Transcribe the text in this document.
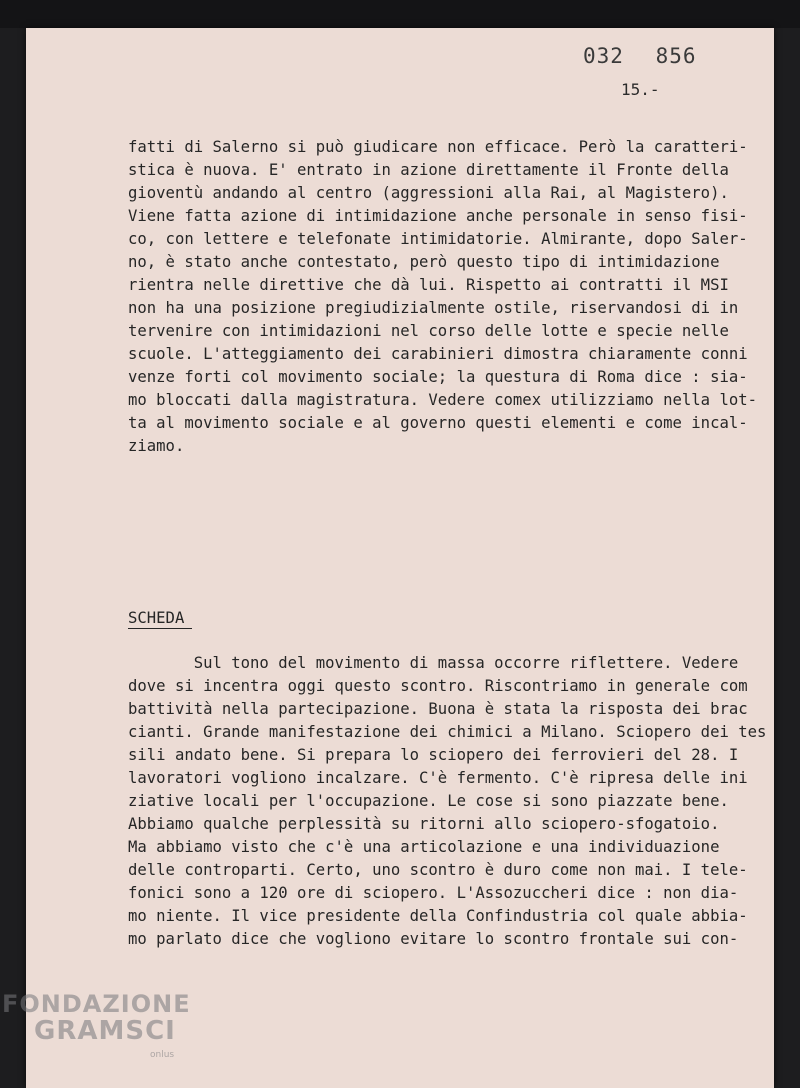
032 856
15.-
fatti di Salerno si può giudicare non efficace. Però la caratteri-
stica è nuova. E' entrato in azione direttamente il Fronte della
gioventù andando al centro (aggressioni alla Rai, al Magistero).
Viene fatta azione di intimidazione anche personale in senso fisi-
co, con lettere e telefonate intimidatorie. Almirante, dopo Saler-
no, è stato anche contestato, però questo tipo di intimidazione
rientra nelle direttive che dà lui. Rispetto ai contratti il MSI
non ha una posizione pregiudizialmente ostile, riservandosi di in
tervenire con intimidazioni nel corso delle lotte e specie nelle
scuole. L'atteggiamento dei carabinieri dimostra chiaramente conni
venze forti col movimento sociale; la questura di Roma dice : sia-
mo bloccati dalla magistratura. Vedere comex utilizziamo nella lot-
ta al movimento sociale e al governo questi elementi e come incal-
ziamo.
SCHEDA
Sul tono del movimento di massa occorre riflettere. Vedere
dove si incentra oggi questo scontro. Riscontriamo in generale com
battività nella partecipazione. Buona è stata la risposta dei brac
cianti. Grande manifestazione dei chimici a Milano. Sciopero dei tes
sili andato bene. Si prepara lo sciopero dei ferrovieri del 28. I
lavoratori vogliono incalzare. C'è fermento. C'è ripresa delle ini
ziative locali per l'occupazione. Le cose si sono piazzate bene.
Abbiamo qualche perplessità su ritorni allo sciopero-sfogatoio.
Ma abbiamo visto che c'è una articolazione e una individuazione
delle controparti. Certo, uno scontro è duro come non mai. I tele-
fonici sono a 120 ore di sciopero. L'Assozuccheri dice : non dia-
mo niente. Il vice presidente della Confindustria col quale abbia-
mo parlato dice che vogliono evitare lo scontro frontale sui con-
FONDAZIONE
GRAMSCI
onlus
